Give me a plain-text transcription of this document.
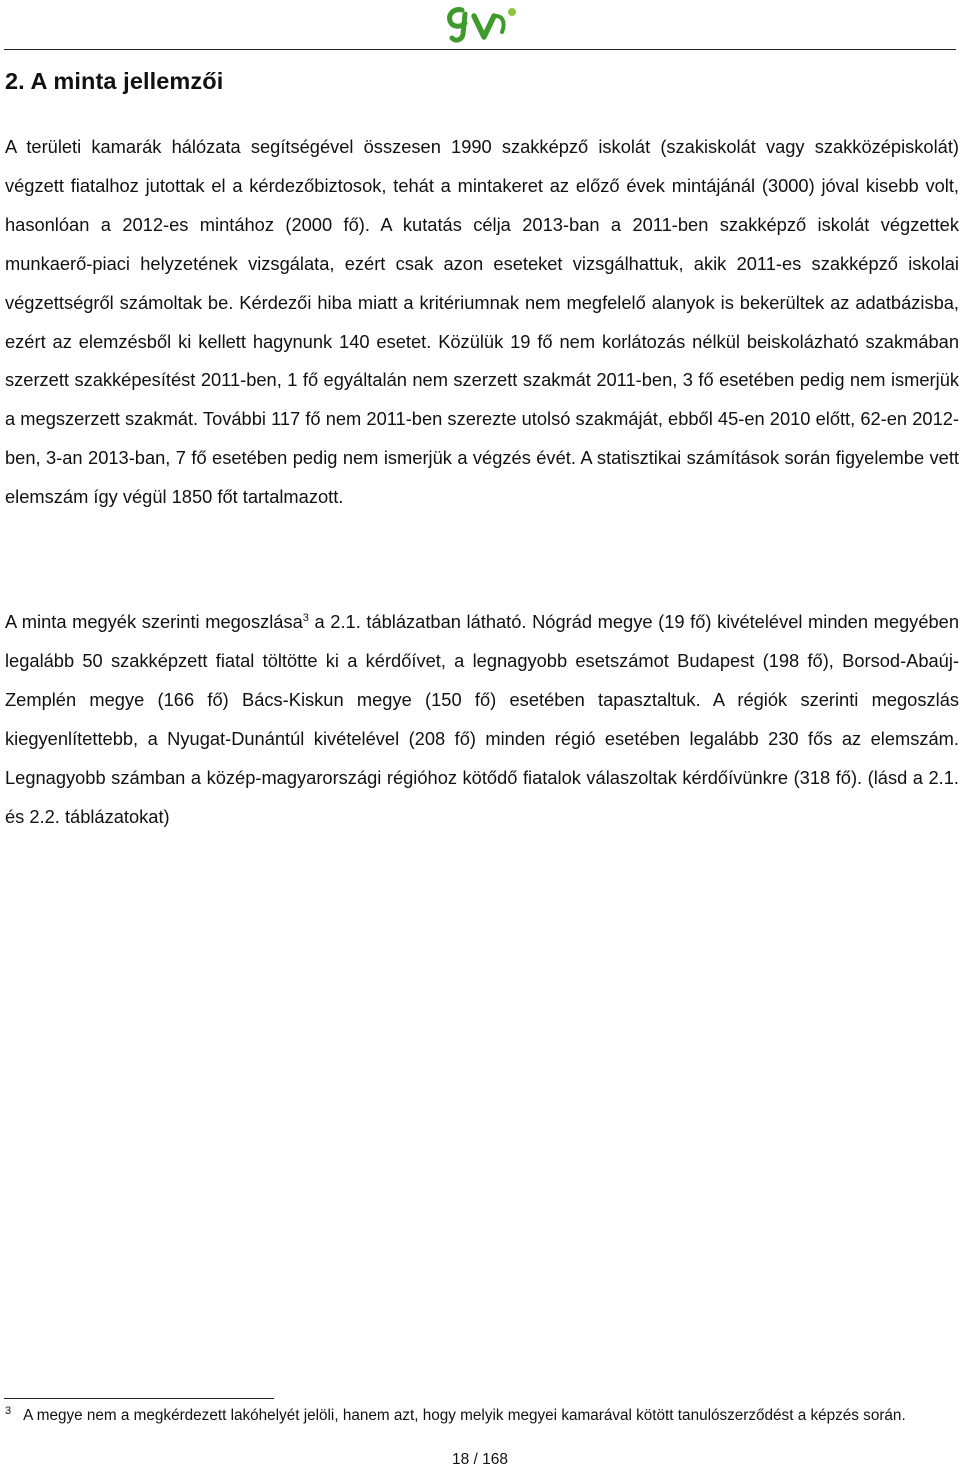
2. A minta jellemzői

A területi kamarák hálózata segítségével összesen 1990 szakképző iskolát (szakiskolát vagy szakközépiskolát) végzett fiatalhoz jutottak el a kérdezőbiztosok, tehát a mintakeret az előző évek mintájánál (3000) jóval kisebb volt, hasonlóan a 2012-es mintához (2000 fő). A kutatás célja 2013-ban a 2011-ben szakképző iskolát végzettek munkaerő-piaci helyzetének vizsgálata, ezért csak azon eseteket vizsgálhattuk, akik 2011-es szakképző iskolai végzettségről számoltak be. Kérdezői hiba miatt a kritériumnak nem megfelelő alanyok is bekerültek az adatbázisba, ezért az elemzésből ki kellett hagynunk 140 esetet. Közülük 19 fő nem korlátozás nélkül beiskolázható szakmában szerzett szakképesítést 2011-ben, 1 fő egyáltalán nem szerzett szakmát 2011-ben, 3 fő esetében pedig nem ismerjük a megszerzett szakmát. További 117 fő nem 2011-ben szerezte utolsó szakmáját, ebből 45-en 2010 előtt, 62-en 2012-ben, 3-an 2013-ban, 7 fő esetében pedig nem ismerjük a végzés évét. A statisztikai számítások során figyelembe vett elemszám így végül 1850 főt tartalmazott.

A minta megyék szerinti megoszlása$^3$ a 2.1. táblázatban látható. Nógrád megye (19 fő) kivételével minden megyében legalább 50 szakképzett fiatal töltötte ki a kérdőívet, a legnagyobb esetszámot Budapest (198 fő), Borsod-Abaúj-Zemplén megye (166 fő) Bács-Kiskun megye (150 fő) esetében tapasztaltuk. A régiók szerinti megoszlás kiegyenlítettebb, a Nyugat-Dunántúl kivételével (208 fő) minden régió esetében legalább 230 fős az elemszám. Legnagyobb számban a közép-magyarországi régióhoz kötődő fiatalok válaszoltak kérdőívünkre (318 fő). (lásd a 2.1. és 2.2. táblázatokat)

$^3$ A megye nem a megkérdezett lakóhelyét jelöli, hanem azt, hogy melyik megyei kamarával kötött tanulószerződést a képzés során.

18 / 168
